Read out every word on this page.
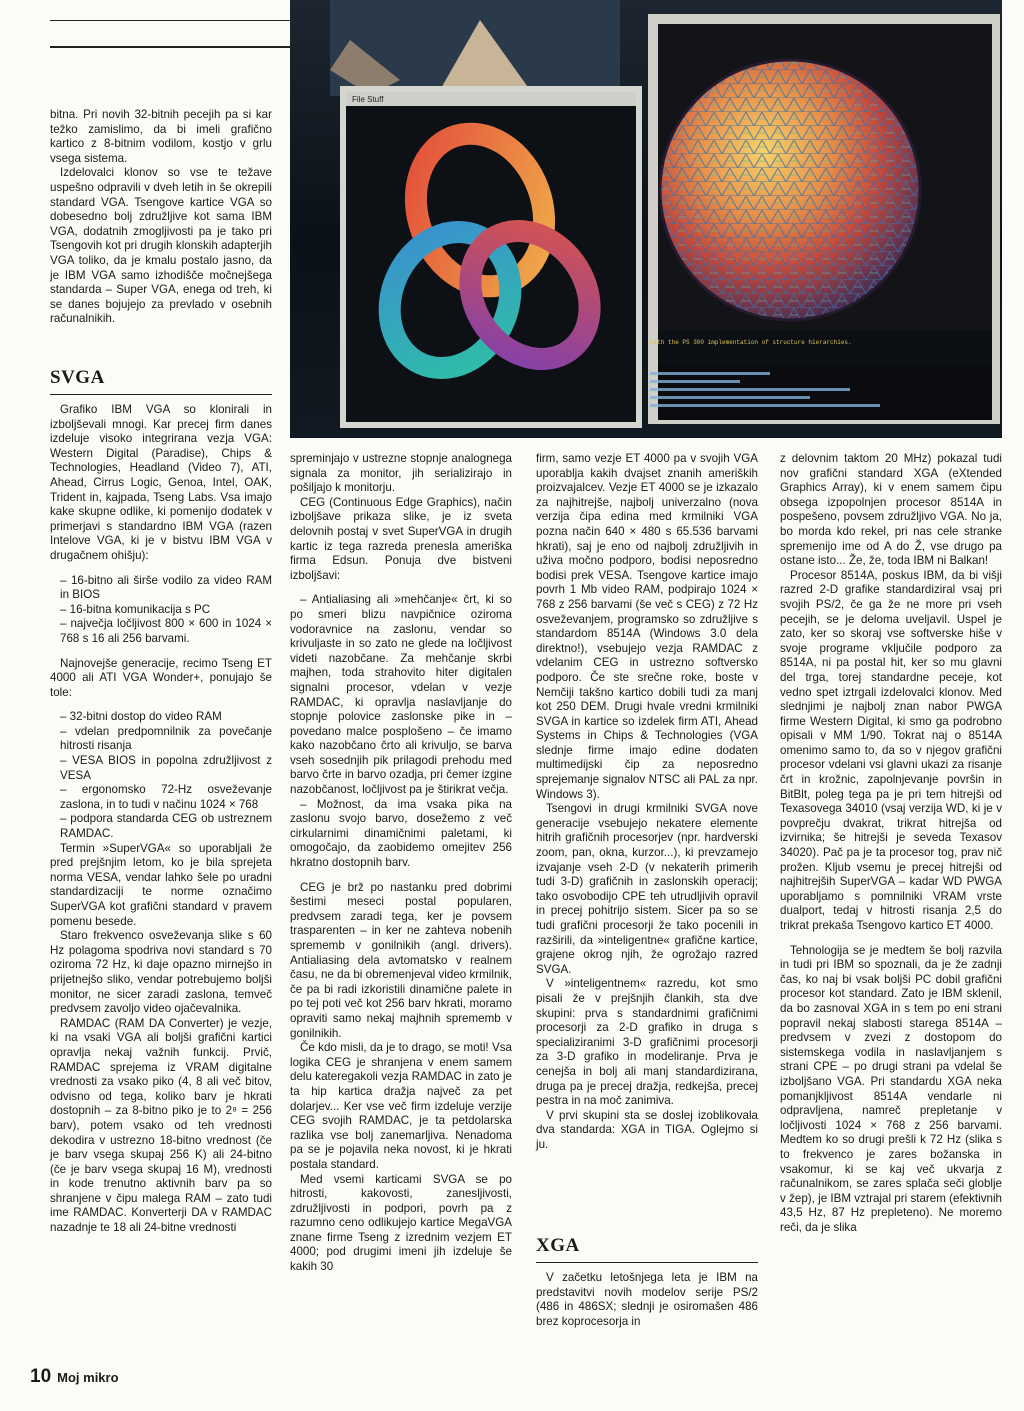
File Stuff
with the PS 300 implementation of structure hierarchies.

bitna. Pri novih 32-bitnih pecejih pa si kar težko zamislimo, da bi imeli grafično kartico z 8-bitnim vodilom, kostjo v grlu vsega sistema.

Izdelovalci klonov so vse te težave uspešno odpravili v dveh letih in še okrepili standard VGA. Tsengove kartice VGA so dobesedno bolj združljive kot sama IBM VGA, dodatnih zmogljivosti pa je tako pri Tsengovih kot pri drugih klonskih adapterjih VGA toliko, da je kmalu postalo jasno, da je IBM VGA samo izhodišče močnejšega standarda – Super VGA, enega od treh, ki se danes bojujejo za prevlado v osebnih računalnikih.

SVGA

Grafiko IBM VGA so klonirali in izboljševali mnogi. Kar precej firm danes izdeluje visoko integrirana vezja VGA: Western Digital (Paradise), Chips & Technologies, Headland (Video 7), ATI, Ahead, Cirrus Logic, Genoa, Intel, OAK, Trident in, kajpada, Tseng Labs. Vsa imajo kake skupne odlike, ki pomenijo dodatek v primerjavi s standardno IBM VGA (razen Intelove VGA, ki je v bistvu IBM VGA v drugačnem ohišju):

– 16-bitno ali širše vodilo za video RAM in BIOS

– 16-bitna komunikacija s PC

– največja ločljivost 800 × 600 in 1024 × 768 s 16 ali 256 barvami.

Najnovejše generacije, recimo Tseng ET 4000 ali ATI VGA Wonder+, ponujajo še tole:

– 32-bitni dostop do video RAM

– vdelan predpomnilnik za povečanje hitrosti risanja

– VESA BIOS in popolna združljivost z VESA

– ergonomsko 72-Hz osveževanje zaslona, in to tudi v načinu 1024 × 768

– podpora standarda CEG ob ustreznem RAMDAC.

Termin »SuperVGA« so uporabljali že pred prejšnjim letom, ko je bila sprejeta norma VESA, vendar lahko šele po uradni standardizaciji te norme označimo SuperVGA kot grafični standard v pravem pomenu besede.

Staro frekvenco osveževanja slike s 60 Hz polagoma spodriva novi standard s 70 oziroma 72 Hz, ki daje opazno mirnejšo in prijetnejšo sliko, vendar potrebujemo boljši monitor, ne sicer zaradi zaslona, temveč predvsem zavoljo video ojačevalnika.

RAMDAC (RAM DA Converter) je vezje, ki na vsaki VGA ali boljši grafični kartici opravlja nekaj važnih funkcij. Prvič, RAMDAC sprejema iz VRAM digitalne vrednosti za vsako piko (4, 8 ali več bitov, odvisno od tega, koliko barv je hkrati dostopnih – za 8-bitno piko je to 2⁸ = 256 barv), potem vsako od teh vrednosti dekodira v ustrezno 18-bitno vrednost (če je barv vsega skupaj 256 K) ali 24-bitno (če je barv vsega skupaj 16 M), vrednosti in kode trenutno aktivnih barv pa so shranjene v čipu malega RAM – zato tudi ime RAMDAC. Konverterji DA v RAMDAC nazadnje te 18 ali 24-bitne vrednosti

spreminjajo v ustrezne stopnje analognega signala za monitor, jih serializirajo in pošiljajo k monitorju.

CEG (Continuous Edge Graphics), način izboljšave prikaza slike, je iz sveta delovnih postaj v svet SuperVGA in drugih kartic iz tega razreda prenesla ameriška firma Edsun. Ponuja dve bistveni izboljšavi:

– Antialiasing ali »mehčanje« črt, ki so po smeri blizu navpičnice oziroma vodoravnice na zaslonu, vendar so krivuljaste in so zato ne glede na ločljivost videti nazobčane. Za mehčanje skrbi majhen, toda strahovito hiter digitalen signalni procesor, vdelan v vezje RAMDAC, ki opravlja naslavljanje do stopnje polovice zaslonske pike in – povedano malce posplošeno – če imamo kako nazobčano črto ali krivuljo, se barva vseh sosednjih pik prilagodi prehodu med barvo črte in barvo ozadja, pri čemer izgine nazobčanost, ločljivost pa je štirikrat večja.

– Možnost, da ima vsaka pika na zaslonu svojo barvo, dosežemo z več cirkularnimi dinamičnimi paletami, ki omogočajo, da zaobidemo omejitev 256 hkratno dostopnih barv.

CEG je brž po nastanku pred dobrimi šestimi meseci postal popularen, predvsem zaradi tega, ker je povsem trasparenten – in ker ne zahteva nobenih sprememb v gonilnikih (angl. drivers). Antialiasing dela avtomatsko v realnem času, ne da bi obremenjeval video krmilnik, če pa bi radi izkoristili dinamične palete in po tej poti več kot 256 barv hkrati, moramo opraviti samo nekaj majhnih sprememb v gonilnikih.

Če kdo misli, da je to drago, se moti! Vsa logika CEG je shranjena v enem samem delu kateregakoli vezja RAMDAC in zato je ta hip kartica dražja največ za pet dolarjev... Ker vse več firm izdeluje verzije CEG svojih RAMDAC, je ta petdolarska razlika vse bolj zanemarljiva. Nenadoma pa se je pojavila neka novost, ki je hkrati postala standard.

Med vsemi karticami SVGA se po hitrosti, kakovosti, zanesljivosti, združljivosti in podpori, povrh pa z razumno ceno odlikujejo kartice MegaVGA znane firme Tseng z izrednim vezjem ET 4000; pod drugimi imeni jih izdeluje še kakih 30

firm, samo vezje ET 4000 pa v svojih VGA uporablja kakih dvajset znanih ameriških proizvajalcev. Vezje ET 4000 se je izkazalo za najhitrejše, najbolj univerzalno (nova verzija čipa edina med krmilniki VGA pozna način 640 × 480 s 65.536 barvami hkrati), saj je eno od najbolj združljivih in uživa močno podporo, bodisi neposredno bodisi prek VESA. Tsengove kartice imajo povrh 1 Mb video RAM, podpirajo 1024 × 768 z 256 barvami (še več s CEG) z 72 Hz osveževanjem, programsko so združljive s standardom 8514A (Windows 3.0 dela direktno!), vsebujejo vezja RAMDAC z vdelanim CEG in ustrezno softversko podporo. Če ste srečne roke, boste v Nemčiji takšno kartico dobili tudi za manj kot 250 DEM. Drugi hvale vredni krmilniki SVGA in kartice so izdelek firm ATI, Ahead Systems in Chips & Technologies (VGA slednje firme imajo edine dodaten multimedijski čip za neposredno sprejemanje signalov NTSC ali PAL za npr. Windows 3).

Tsengovi in drugi krmilniki SVGA nove generacije vsebujejo nekatere elemente hitrih grafičnih procesorjev (npr. hardverski zoom, pan, okna, kurzor...), ki prevzamejo izvajanje vseh 2-D (v nekaterih primerih tudi 3-D) grafičnih in zaslonskih operacij; tako osvobodijo CPE teh utrudljivih opravil in precej pohitrijo sistem. Sicer pa so se tudi grafični procesorji že tako pocenili in razširili, da »inteligentne« grafične kartice, grajene okrog njih, že ogrožajo razred SVGA.

V »inteligentnem« razredu, kot smo pisali že v prejšnjih člankih, sta dve skupini: prva s standardnimi grafičnimi procesorji za 2-D grafiko in druga s specializiranimi 3-D grafičnimi procesorji za 3-D grafiko in modeliranje. Prva je cenejša in bolj ali manj standardizirana, druga pa je precej dražja, redkejša, precej pestra in na moč zanimiva.

V prvi skupini sta se doslej izoblikovala dva standarda: XGA in TIGA. Oglejmo si ju.

XGA

V začetku letošnjega leta je IBM na predstavitvi novih modelov serije PS/2 (486 in 486SX; slednji je osiromašen 486 brez koprocesorja in

z delovnim taktom 20 MHz) pokazal tudi nov grafični standard XGA (eXtended Graphics Array), ki v enem samem čipu obsega izpopolnjen procesor 8514A in pospešeno, povsem združljivo VGA. No ja, bo morda kdo rekel, pri nas cele stranke spremenijo ime od A do Ž, vse drugo pa ostane isto... Že, že, toda IBM ni Balkan!

Procesor 8514A, poskus IBM, da bi višji razred 2-D grafike standardiziral vsaj pri svojih PS/2, če ga že ne more pri vseh pecejih, se je deloma uveljavil. Uspel je zato, ker so skoraj vse softverske hiše v svoje programe vključile podporo za 8514A, ni pa postal hit, ker so mu glavni del trga, torej standardne peceje, kot vedno spet iztrgali izdelovalci klonov. Med slednjimi je najbolj znan nabor PWGA firme Western Digital, ki smo ga podrobno opisali v MM 1/90. Tokrat naj o 8514A omenimo samo to, da so v njegov grafični procesor vdelani vsi glavni ukazi za risanje črt in krožnic, zapolnjevanje površin in BitBlt, poleg tega pa je pri tem hitrejši od Texasovega 34010 (vsaj verzija WD, ki je v povprečju dvakrat, trikrat hitrejša od izvirnika; še hitrejši je seveda Texasov 34020). Pač pa je ta procesor tog, prav nič prožen. Kljub vsemu je precej hitrejši od najhitrejših SuperVGA – kadar WD PWGA uporabljamo s pomnilniki VRAM vrste dualport, tedaj v hitrosti risanja 2,5 do trikrat prekaša Tsengovo kartico ET 4000.

Tehnologija se je medtem še bolj razvila in tudi pri IBM so spoznali, da je že zadnji čas, ko naj bi vsak boljši PC dobil grafični procesor kot standard. Zato je IBM sklenil, da bo zasnoval XGA in s tem po eni strani popravil nekaj slabosti starega 8514A – predvsem v zvezi z dostopom do sistemskega vodila in naslavljanjem s strani CPE – po drugi strani pa vdelal še izboljšano VGA. Pri standardu XGA neka pomanjkljivost 8514A vendarle ni odpravljena, namreč prepletanje v ločljivosti 1024 × 768 z 256 barvami. Medtem ko so drugi prešli k 72 Hz (slika s to frekvenco je zares božanska in vsakomur, ki se kaj več ukvarja z računalnikom, se zares splača seči globlje v žep), je IBM vztrajal pri starem (efektivnih 43,5 Hz, 87 Hz prepleteno). Ne moremo reči, da je slika

10 Moj mikro
